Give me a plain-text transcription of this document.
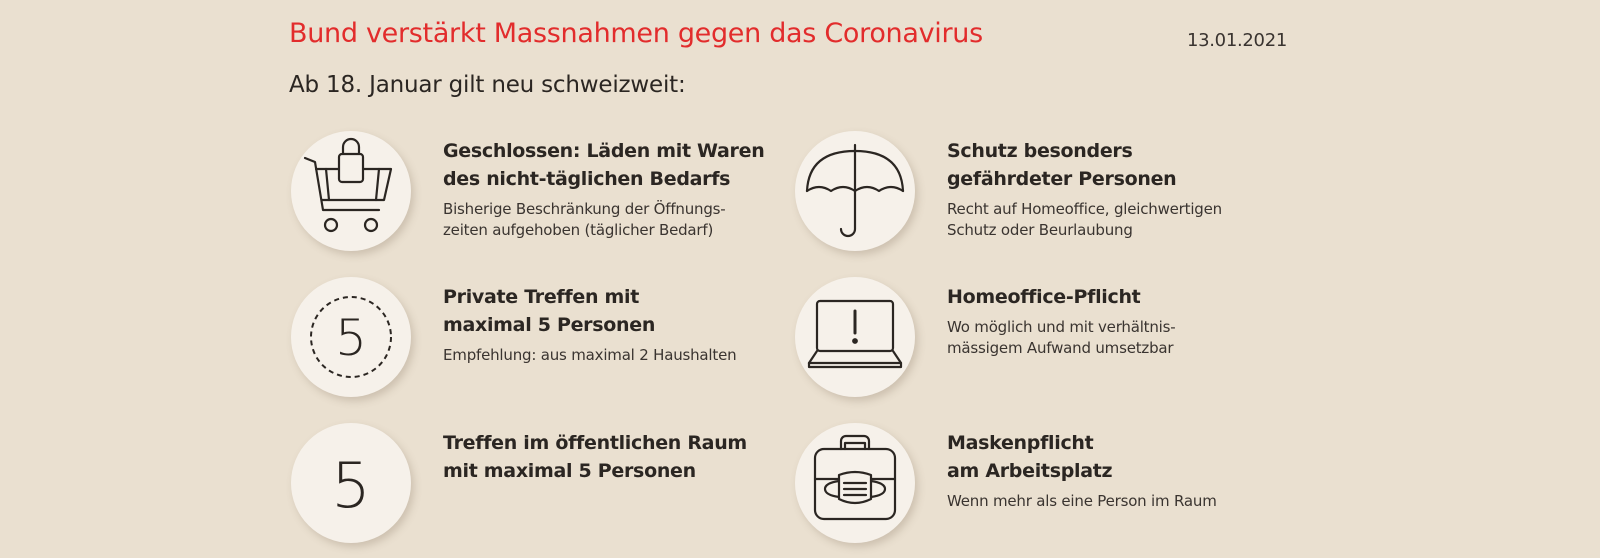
Bund verstärkt Massnahmen gegen das Coronavirus	13.01.2021
Ab 18. Januar gilt neu schweizweit:
Geschlossen: Läden mit Waren
des nicht-täglichen Bedarfs
Bisherige Beschränkung der Öffnungs-
zeiten aufgehoben (täglicher Bedarf)
Schutz besonders
gefährdeter Personen
Recht auf Homeoffice, gleichwertigen
Schutz oder Beurlaubung
5
Private Treffen mit
maximal 5 Personen
Empfehlung: aus maximal 2 Haushalten
Homeoffice-Pflicht
Wo möglich und mit verhältnis-
mässigem Aufwand umsetzbar
5
Treffen im öffentlichen Raum
mit maximal 5 Personen
Maskenpflicht
am Arbeitsplatz
Wenn mehr als eine Person im Raum
